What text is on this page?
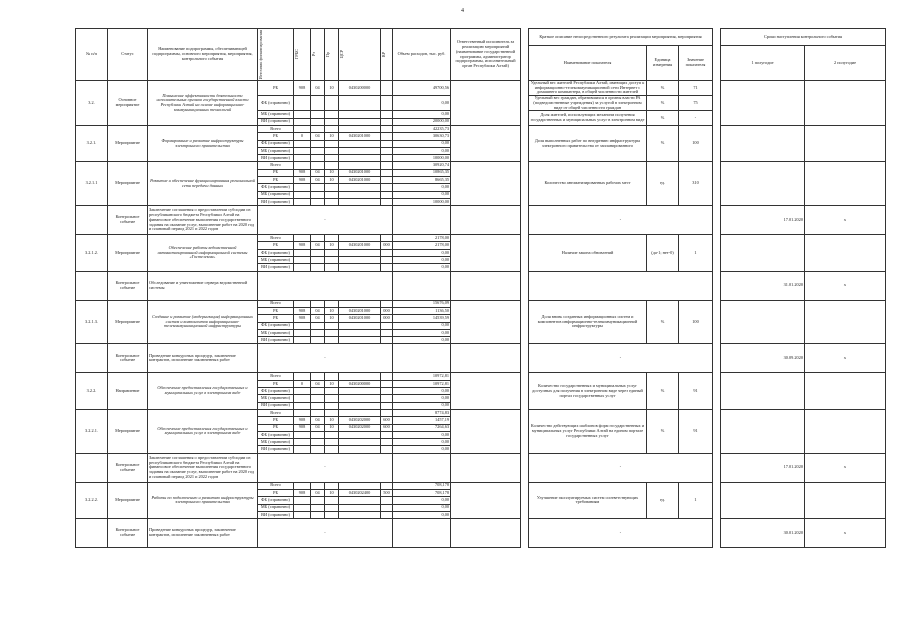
4
№ п/п	Статус	Наименование подпрограммы, обеспечивающей подпрограммы, основного мероприятия, мероприятия, контрольного события	Источник финансирования	ГРБС	Рз	Пр	ЦСР	ВР	Объем расходов, тыс. руб.	Ответственный исполнитель за реализацию мероприятий (наименование государственной программы, администратор подпрограммы, исполнительный орган Республики Алтай)		Краткое описание непосредственного результата реализации мероприятия, мероприятия				Сроки наступления контрольного события	
												Наименование показателя	Единица измерения	Значение показателя		1 полугодие	2 полугодие
3.2.	Основное мероприятие	Повышение эффективности деятельности исполнительных органов государственной власти Республики Алтай на основе информационно-коммуникационных технологий	РБ	908	04	10	0430200000		49700,56			Удельный вес жителей Республики Алтай, имеющих доступ к информационно-телекоммуникационной сети Интернет с домашнего компьютера, в общей численности жителей	%	71			
			ФБ (справочно)						0,00			Удельный вес граждан, обратившихся в органы власти РА (подведомственные учреждения) за услугой в электронном виде от общей численности граждан	%	75			
			МБ (справочно)						0,00			Доля жителей, использующих механизм получения государственных и муниципальных услуг в электронном виде	%	-			
			ВИ (справочно)						20000,00								
3.2.1.	Мероприятие	Формирование и развитие инфраструктуры электронного правительства	Всего						42235,73			Доля выполненных работ по внедрению инфраструктуры электронного правительства от запланированного	%	100			
			РБ	0	04	10	0430201000		30630,73								
			ФБ (справочно)						0,00								
			МБ (справочно)						0,00								
			ВИ (справочно)						10000,00								
3.2.1.1	Мероприятие	Развитие и обеспечение функционирования региональной сети передачи данных	Всего						30920,74			Количество автоматизированных рабочих мест	ед.	310			
			РБ	908	04	10	0430201000		10865,35								
			РБ	908	04	10	0430201000		8665,35								
			ФБ (справочно)						0,00								
			МБ (справочно)						0,00								
			ВИ (справочно)						10000,00								
	Контрольное событие	Заключение соглашения о предоставлении субсидии из республиканского бюджета Республики Алтай на финансовое обеспечение выполнения государственного задания на оказание услуг, выполнение работ на 2020 год и плановый период 2021 и 2022 годов	-									-				17.01.2020	х
3.2.1.2.	Мероприятие	Обеспечение работы ведомственной автоматизированной информационной системы «Гостелеком»	Всего						2178,00			Наличие закона обновлений	(да-1; нет-0)	1			
			РБ	908	04	10	0430201000	000	2178,00								
			ФБ (справочно)						0,00								
			МБ (справочно)						0,00								
			ВИ (справочно)						0,00								
	Контрольное событие	Обследование и уничтожение сервера ведомственной системы														31.01.2020	х
3.2.1.3.	Мероприятие	Создание и развитие (модернизация) информационных систем и компонентов информационно-телекоммуникационной инфраструктуры	Всего						15676,09			Доля вновь созданных информационных систем и компонентов информационно-телекоммуникационной инфраструктуры	%	100			
			РБ	908	04	10	0430201000	000	1136,50								
			РБ	908	04	10	0430201000	000	14539,59								
			ФБ (справочно)						0,00								
			МБ (справочно)						0,00								
			ВИ (справочно)						0,00								
	Контрольное событие	Проведение конкурсных процедур, заключение контрактов, исполнение заключенных работ	-									-				30.09.2020	х
3.2.2.	Направление	Обеспечение предоставления государственных и муниципальных услуг в электронном виде	Всего						10972,81			Количество государственных и муниципальных услуг доступных для получения в электронном виде через единый портал государственных услуг	%	91			
			РБ	0	04	10	0430200000		10972,81								
			ФБ (справочно)						0,00								
			МБ (справочно)						0,00								
			ВИ (справочно)						0,00								
3.2.2.1.	Мероприятие	Обеспечение предоставления государственных и муниципальных услуг в электронном виде	Всего						8774,83			Количество действующих шаблонов форм государственных и муниципальных услуг Республики Алтай на едином портале государственных услуг	%	91			
			РБ	908	04	10	0430202000	600	1457,19								
			РБ	908	04	10	0430202000	600	7264,63								
			ФБ (справочно)						0,00								
			МБ (справочно)						0,00								
			ВИ (справочно)						0,00								
	Контрольное событие	Заключение соглашения о предоставлении субсидии из республиканского бюджета Республики Алтай на финансовое обеспечение выполнения государственного задания на оказание услуг, выполнение работ на 2020 год и плановый период 2021 и 2022 годов	-									-				17.01.2020	х
3.2.2.2.	Мероприятие	Работы по подключению и развитию инфраструктуры электронного правительства	Всего						708,178			Улучшение эксплуатируемых систем соответствующих требованиям	ед.	1			
			РБ	908	04	10	0430202400	500	708,178								
			ФБ (справочно)						0,00								
			МБ (справочно)						0,00								
			ВИ (справочно)						0,00								
	Контрольное событие	Проведение конкурсных процедур, заключение контрактов, исполнение заключенных работ	-									-				30.01.2020	х
